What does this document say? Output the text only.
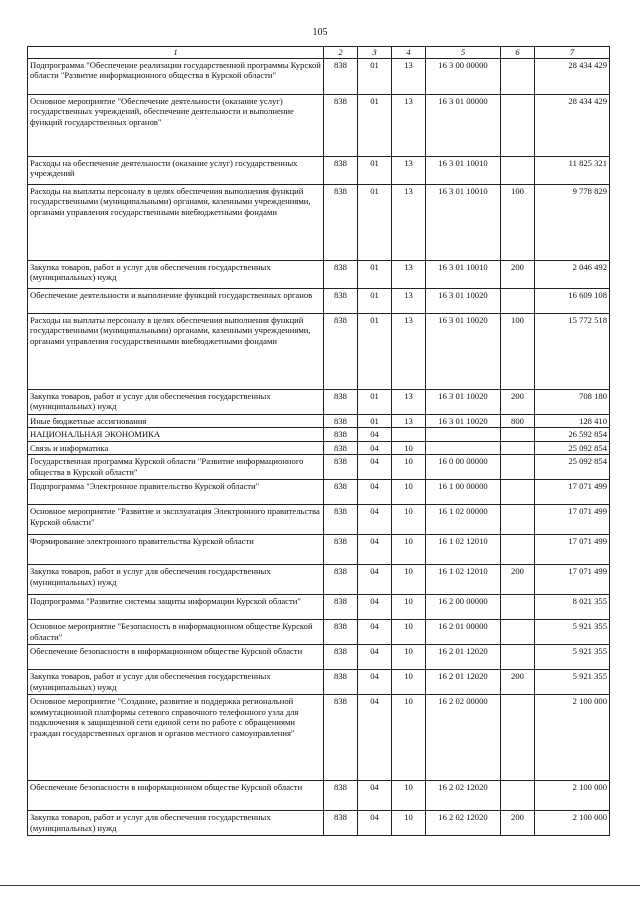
105
1	2	3	4	5	6	7
Подпрограмма "Обеспечение реализации государственной программы Курской области "Развитие информационного общества в Курской области"	838	01	13	16 3 00 00000		28 434 429
Основное мероприятие "Обеспечение деятельности (оказание услуг) государственных учреждений, обеспечение деятельности и выполнение функций государственных органов"	838	01	13	16 3 01 00000		28 434 429
Расходы на обеспечение деятельности (оказание услуг) государственных учреждений	838	01	13	16 3 01 10010		11 825 321
Расходы на выплаты персоналу в целях обеспечения выполнения функций государственными (муниципальными) органами, казенными учреждениями, органами управления государственными внебюджетными фондами	838	01	13	16 3 01 10010	100	9 778 829
Закупка товаров, работ и услуг для обеспечения государственных (муниципальных) нужд	838	01	13	16 3 01 10010	200	2 046 492
Обеспечение деятельности и выполнение функций государственных органов	838	01	13	16 3 01 10020		16 609 108
Расходы на выплаты персоналу в целях обеспечения выполнения функций государственными (муниципальными) органами, казенными учреждениями, органами управления государственными внебюджетными фондами	838	01	13	16 3 01 10020	100	15 772 518
Закупка товаров, работ и услуг для обеспечения государственных (муниципальных) нужд	838	01	13	16 3 01 10020	200	708 180
Иные бюджетные ассигнования	838	01	13	16 3 01 10020	800	128 410
НАЦИОНАЛЬНАЯ ЭКОНОМИКА	838	04				26 592 854
Связь и информатика	838	04	10			25 092 854
Государственная программа Курской области "Развитие информационного общества в Курской области"	838	04	10	16 0 00 00000		25 092 854
Подпрограмма "Электронное правительство Курской области"	838	04	10	16 1 00 00000		17 071 499
Основное мероприятие "Развитие и эксплуатация Электронного правительства Курской области"	838	04	10	16 1 02 00000		17 071 499
Формирование электронного правительства Курской области	838	04	10	16 1 02 12010		17 071 499
Закупка товаров, работ и услуг для обеспечения государственных (муниципальных) нужд	838	04	10	16 1 02 12010	200	17 071 499
Подпрограмма "Развитие системы защиты информации Курской области"	838	04	10	16 2 00 00000		8 021 355
Основное мероприятие "Безопасность в информационном обществе Курской области"	838	04	10	16 2 01 00000		5 921 355
Обеспечение безопасности в информационном обществе Курской области	838	04	10	16 2 01 12020		5 921 355
Закупка товаров, работ и услуг для обеспечения государственных (муниципальных) нужд	838	04	10	16 2 01 12020	200	5 921 355
Основное мероприятие "Создание, развитие и поддержка региональной коммутационной платформы сетевого справочного телефонного узла для подключения к защищенной сети единой сети по работе с обращениями граждан государственных органов и органов местного самоуправления"	838	04	10	16 2 02 00000		2 100 000
Обеспечение безопасности в информационном обществе Курской области	838	04	10	16 2 02 12020		2 100 000
Закупка товаров, работ и услуг для обеспечения государственных (муниципальных) нужд	838	04	10	16 2 02 12020	200	2 100 000
